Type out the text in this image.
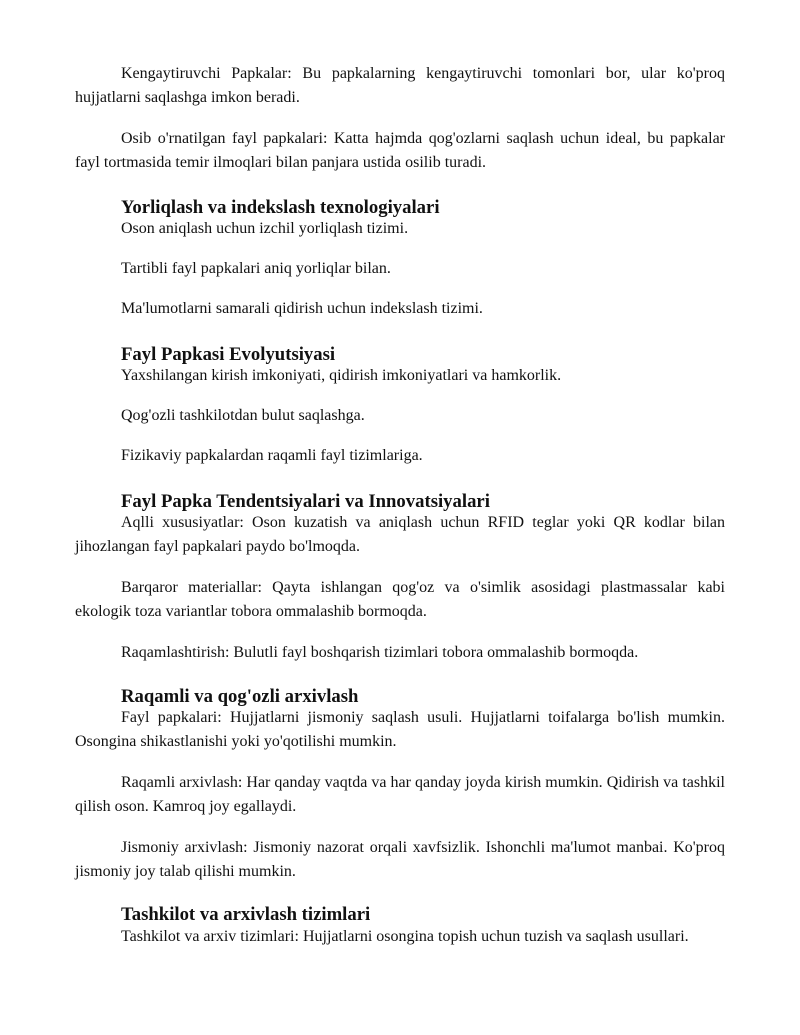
Kengaytiruvchi Papkalar: Bu papkalarning kengaytiruvchi tomonlari bor, ular ko'proq hujjatlarni saqlashga imkon beradi.

Osib o'rnatilgan fayl papkalari: Katta hajmda qog'ozlarni saqlash uchun ideal, bu papkalar fayl tortmasida temir ilmoqlari bilan panjara ustida osilib turadi.

Yorliqlash va indekslash texnologiyalari

Oson aniqlash uchun izchil yorliqlash tizimi.

Tartibli fayl papkalari aniq yorliqlar bilan.

Ma'lumotlarni samarali qidirish uchun indekslash tizimi.

Fayl Papkasi Evolyutsiyasi

Yaxshilangan kirish imkoniyati, qidirish imkoniyatlari va hamkorlik.

Qog'ozli tashkilotdan bulut saqlashga.

Fizikaviy papkalardan raqamli fayl tizimlariga.

Fayl Papka Tendentsiyalari va Innovatsiyalari

Aqlli xususiyatlar: Oson kuzatish va aniqlash uchun RFID teglar yoki QR kodlar bilan jihozlangan fayl papkalari paydo bo'lmoqda.

Barqaror materiallar: Qayta ishlangan qog'oz va o'simlik asosidagi plastmassalar kabi ekologik toza variantlar tobora ommalashib bormoqda.

Raqamlashtirish: Bulutli fayl boshqarish tizimlari tobora ommalashib bormoqda.

Raqamli va qog'ozli arxivlash

Fayl papkalari: Hujjatlarni jismoniy saqlash usuli. Hujjatlarni toifalarga bo'lish mumkin. Osongina shikastlanishi yoki yo'qotilishi mumkin.

Raqamli arxivlash: Har qanday vaqtda va har qanday joyda kirish mumkin. Qidirish va tashkil qilish oson. Kamroq joy egallaydi.

Jismoniy arxivlash: Jismoniy nazorat orqali xavfsizlik. Ishonchli ma'lumot manbai. Ko'proq jismoniy joy talab qilishi mumkin.

Tashkilot va arxivlash tizimlari

Tashkilot va arxiv tizimlari: Hujjatlarni osongina topish uchun tuzish va saqlash usullari.
